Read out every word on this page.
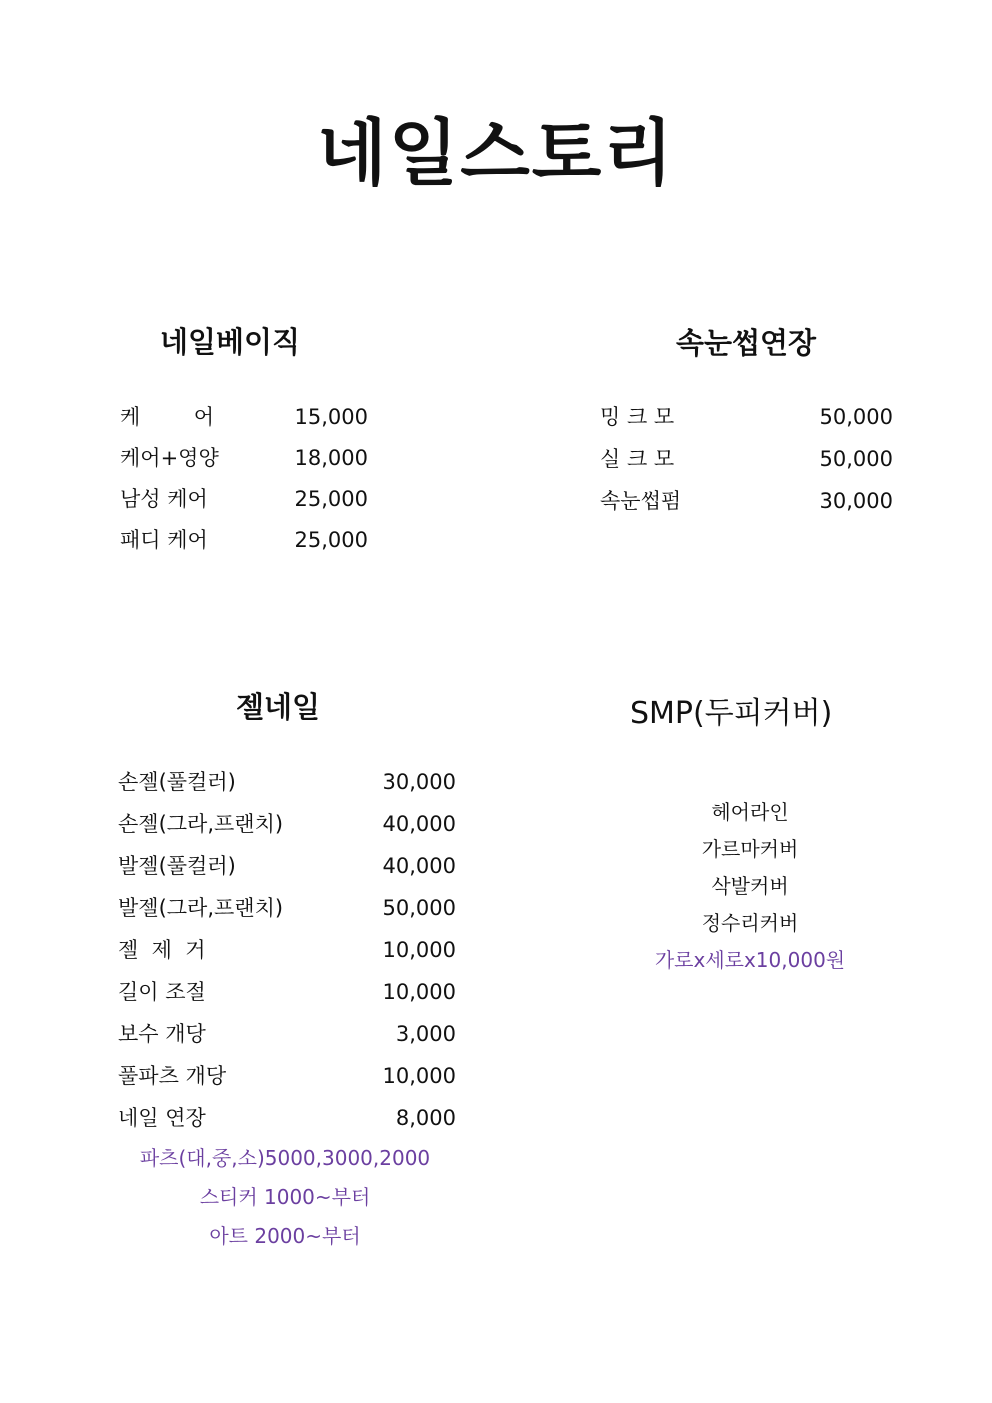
네일스토리
네일베이직
케        어	15,000
케어+영양	18,000
남성 케어	25,000
패디 케어	25,000
속눈썹연장
밍 크 모	50,000
실 크 모	50,000
속눈썹펌	30,000
젤네일
손젤(풀컬러)	30,000
손젤(그라,프랜치)	40,000
발젤(풀컬러)	40,000
발젤(그라,프랜치)	50,000
젤  제  거	10,000
길이 조절	10,000
보수 개당	3,000
풀파츠 개당	10,000
네일 연장	8,000
파츠(대,중,소)5000,3000,2000
스티커 1000~부터
아트 2000~부터
SMP(두피커버)
헤어라인
가르마커버
삭발커버
정수리커버
가로x세로x10,000원
